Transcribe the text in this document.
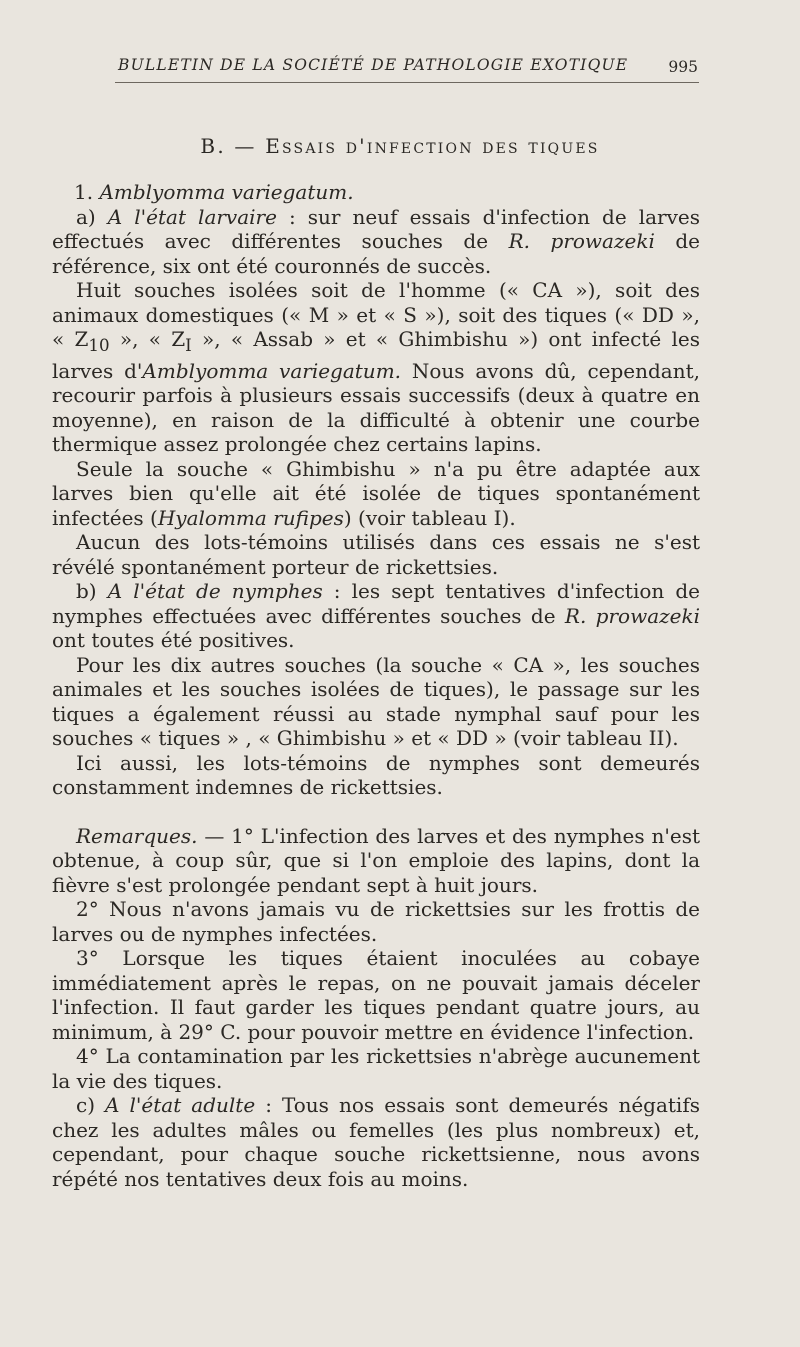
BULLETIN DE LA SOCIÉTÉ DE PATHOLOGIE EXOTIQUE	995
B. — Essais d'infection des tiques

1. Amblyomma variegatum.

a) A l'état larvaire : sur neuf essais d'infection de larves effectués avec différentes souches de R. prowazeki de référence, six ont été couronnés de succès.

Huit souches isolées soit de l'homme (« CA »), soit des animaux domestiques (« M » et « S »), soit des tiques (« DD », « $Z_{10}$ », « $Z_I$ », « Assab » et « Ghimbishu ») ont infecté les larves d'Amblyomma variegatum. Nous avons dû, cependant, recourir parfois à plusieurs essais successifs (deux à quatre en moyenne), en raison de la difficulté à obtenir une courbe thermique assez prolongée chez certains lapins.

Seule la souche « Ghimbishu » n'a pu être adaptée aux larves bien qu'elle ait été isolée de tiques spontanément infectées (Hyalomma rufipes) (voir tableau I).

Aucun des lots-témoins utilisés dans ces essais ne s'est révélé spontanément porteur de rickettsies.

b) A l'état de nymphes : les sept tentatives d'infection de nymphes effectuées avec différentes souches de R. prowazeki ont toutes été positives.

Pour les dix autres souches (la souche « CA », les souches animales et les souches isolées de tiques), le passage sur les tiques a également réussi au stade nymphal sauf pour les souches « tiques » , « Ghimbishu » et « DD » (voir tableau II).

Ici aussi, les lots-témoins de nymphes sont demeurés constamment indemnes de rickettsies.

Remarques. — 1° L'infection des larves et des nymphes n'est obtenue, à coup sûr, que si l'on emploie des lapins, dont la fièvre s'est prolongée pendant sept à huit jours.

2° Nous n'avons jamais vu de rickettsies sur les frottis de larves ou de nymphes infectées.

3° Lorsque les tiques étaient inoculées au cobaye immédiatement après le repas, on ne pouvait jamais déceler l'infection. Il faut garder les tiques pendant quatre jours, au minimum, à 29° C. pour pouvoir mettre en évidence l'infection.

4° La contamination par les rickettsies n'abrège aucunement la vie des tiques.

c) A l'état adulte : Tous nos essais sont demeurés négatifs chez les adultes mâles ou femelles (les plus nombreux) et, cependant, pour chaque souche rickettsienne, nous avons répété nos tentatives deux fois au moins.
